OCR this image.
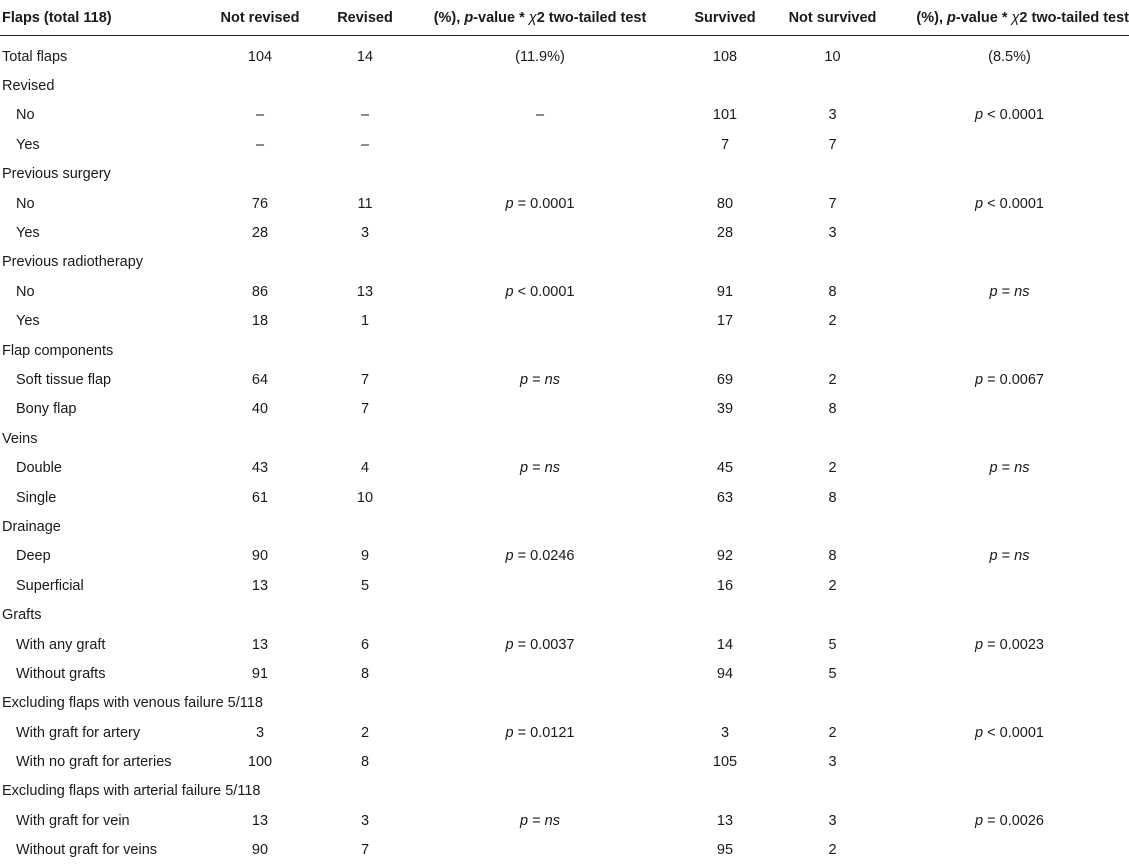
Flaps (total 118)	Not revised	Revised	(%), p-value * χ2 two-tailed test	Survived	Not survived	(%), p-value * χ2 two-tailed test

Total flaps	104	14	(11.9%)	108	10	(8.5%)
Revised						
No	–	–	–	101	3	p < 0.0001
Yes	–	–		7	7	
Previous surgery						
No	76	11	p = 0.0001	80	7	p < 0.0001
Yes	28	3		28	3	
Previous radiotherapy						
No	86	13	p < 0.0001	91	8	p = ns
Yes	18	1		17	2	
Flap components						
Soft tissue flap	64	7	p = ns	69	2	p = 0.0067
Bony flap	40	7		39	8	
Veins						
Double	43	4	p = ns	45	2	p = ns
Single	61	10		63	8	
Drainage						
Deep	90	9	p = 0.0246	92	8	p = ns
Superficial	13	5		16	2	
Grafts						
With any graft	13	6	p = 0.0037	14	5	p = 0.0023
Without grafts	91	8		94	5	
Excluding flaps with venous failure 5/118						
With graft for artery	3	2	p = 0.0121	3	2	p < 0.0001
With no graft for arteries	100	8		105	3	
Excluding flaps with arterial failure 5/118						
With graft for vein	13	3	p = ns	13	3	p = 0.0026
Without graft for veins	90	7		95	2	
